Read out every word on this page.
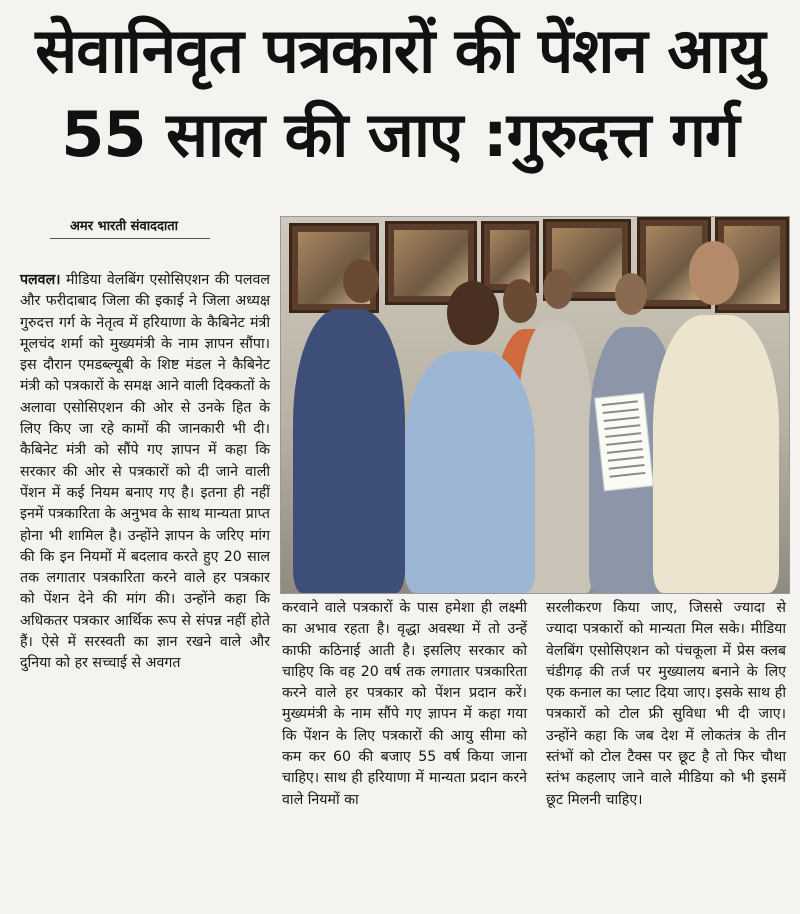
सेवानिवृत पत्रकारों की पेंशन आयु
55 साल की जाए :गुरुदत्त गर्ग
अमर भारती संवाददाता

पलवल। मीडिया वेलबिंग एसोसिएशन की पलवल और फरीदाबाद जिला की इकाई ने जिला अध्यक्ष गुरुदत्त गर्ग के नेतृत्व में हरियाणा के कैबिनेट मंत्री मूलचंद शर्मा को मुख्यमंत्री के नाम ज्ञापन सौंपा। इस दौरान एमडब्ल्यूबी के शिष्ट मंडल ने कैबिनेट मंत्री को पत्रकारों के समक्ष आने वाली दिक्कतों के अलावा एसोसिएशन की ओर से उनके हित के लिए किए जा रहे कामों की जानकारी भी दी।कैबिनेट मंत्री को सौंपे गए ज्ञापन में कहा कि सरकार की ओर से पत्रकारों को दी जाने वाली पेंशन में कई नियम बनाए गए है। इतना ही नहीं इनमें पत्रकारिता के अनुभव के साथ मान्यता प्राप्त होना भी शामिल है। उन्होंने ज्ञापन के जरिए मांग की कि इन नियमों में बदलाव करते हुए 20 साल तक लगातार पत्रकारिता करने वाले हर पत्रकार को पेंशन देने की मांग की। उन्होंने कहा कि अधिकतर पत्रकार आर्थिक रूप से संपन्न नहीं होते हैं। ऐसे में सरस्वती का ज्ञान रखने वाले और दुनिया को हर सच्चाई से अवगत

करवाने वाले पत्रकारों के पास हमेशा ही लक्ष्मी का अभाव रहता है। वृद्धा अवस्था में तो उन्हें काफी कठिनाई आती है। इसलिए सरकार को चाहिए कि वह 20 वर्ष तक लगातार पत्रकारिता करने वाले हर पत्रकार को पेंशन प्रदान करें। मुख्यमंत्री के नाम सौंपे गए ज्ञापन में कहा गया कि पेंशन के लिए पत्रकारों की आयु सीमा को कम कर 60 की बजाए 55 वर्ष किया जाना चाहिए। साथ ही हरियाणा में मान्यता प्रदान करने वाले नियमों का

सरलीकरण किया जाए, जिससे ज्यादा से ज्यादा पत्रकारों को मान्यता मिल सके। मीडिया वेलबिंग एसोसिएशन को पंचकूला में प्रेस क्लब चंडीगढ़ की तर्ज पर मुख्यालय बनाने के लिए एक कनाल का प्लाट दिया जाए। इसके साथ ही पत्रकारों को टोल फ्री सुविधा भी दी जाए। उन्होंने कहा कि जब देश में लोकतंत्र के तीन स्तंभों को टोल टैक्स पर छूट है तो फिर चौथा स्तंभ कहलाए जाने वाले मीडिया को भी इसमें छूट मिलनी चाहिए।
